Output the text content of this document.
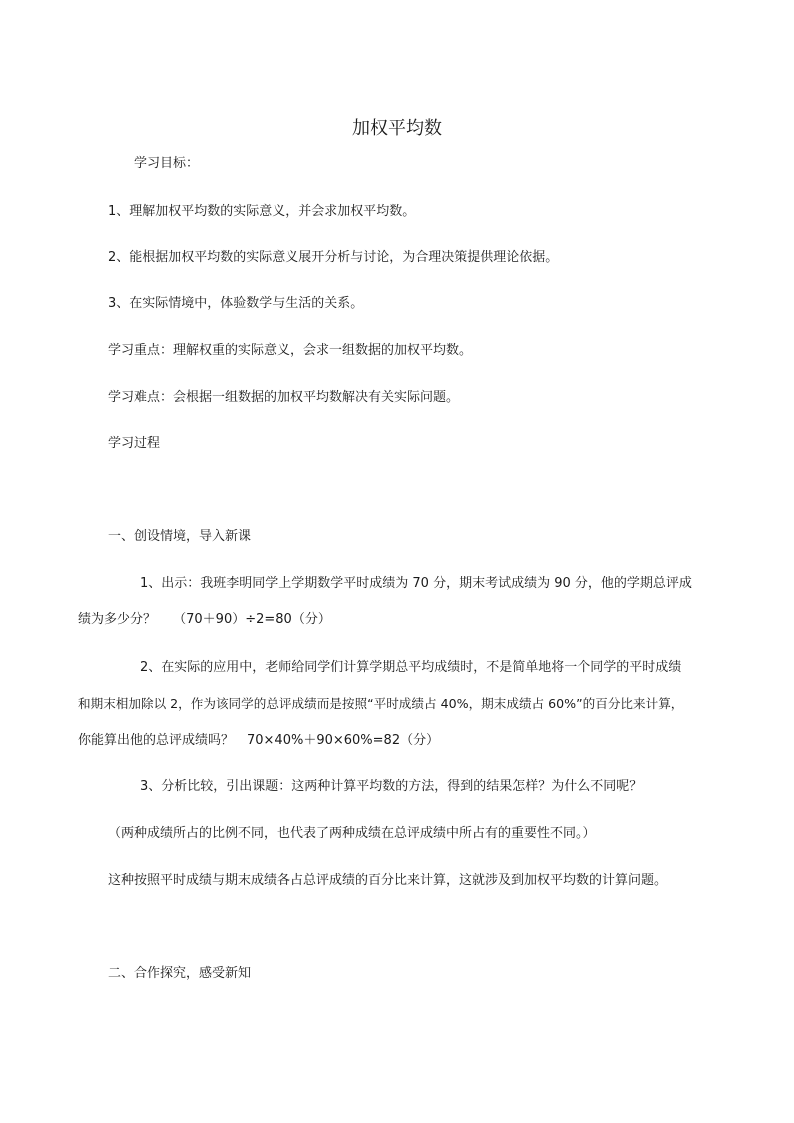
加权平均数
学习目标：
1、理解加权平均数的实际意义，并会求加权平均数。
2、能根据加权平均数的实际意义展开分析与讨论，为合理决策提供理论依据。
3、在实际情境中，体验数学与生活的关系。
学习重点：理解权重的实际意义，会求一组数据的加权平均数。
学习难点：会根据一组数据的加权平均数解决有关实际问题。
学习过程
一、创设情境，导入新课
1、出示：我班李明同学上学期数学平时成绩为 70 分，期末考试成绩为 90 分，他的学期总评成
绩为多少分？　 （70＋90）÷2=80（分）
2、在实际的应用中，老师给同学们计算学期总平均成绩时，不是简单地将一个同学的平时成绩
和期末相加除以 2，作为该同学的总评成绩而是按照“平时成绩占 40%，期末成绩占 60%”的百分比来计算，
你能算出他的总评成绩吗？　70×40%＋90×60%=82（分）
3、分析比较，引出课题：这两种计算平均数的方法，得到的结果怎样？为什么不同呢？
（两种成绩所占的比例不同，也代表了两种成绩在总评成绩中所占有的重要性不同。）
这种按照平时成绩与期末成绩各占总评成绩的百分比来计算，这就涉及到加权平均数的计算问题。
二、合作探究，感受新知
